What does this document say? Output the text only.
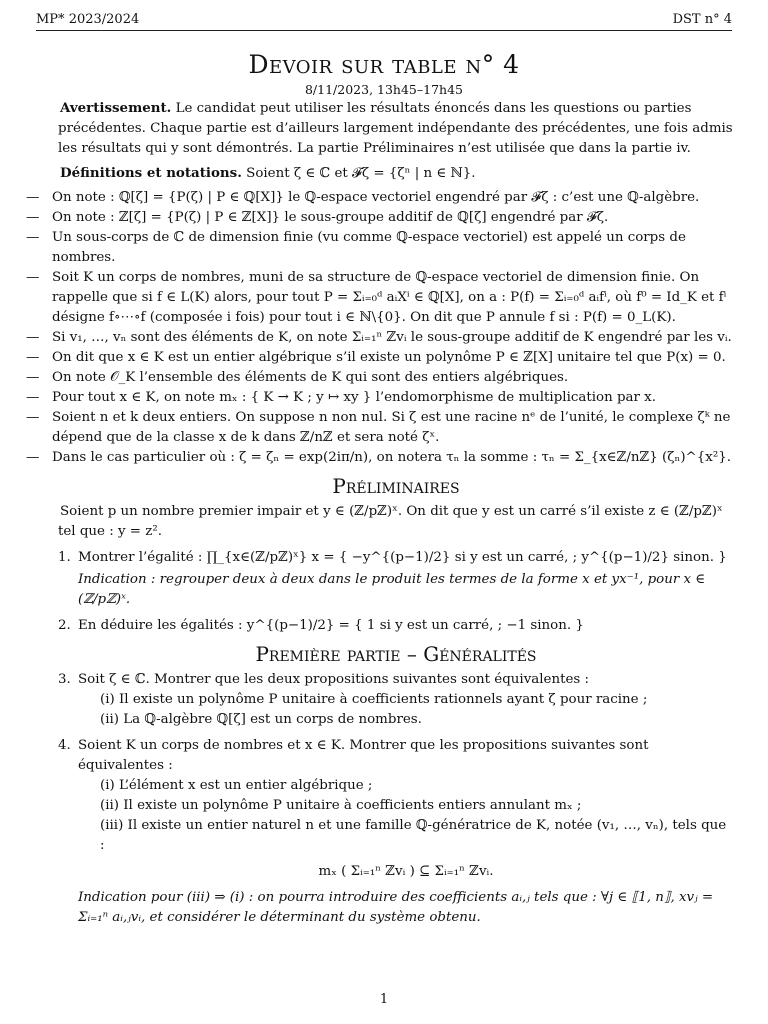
MP* 2023/2024	DST n° 4
Devoir sur table n° 4
8/11/2023, 13h45–17h45

Avertissement. Le candidat peut utiliser les résultats énoncés dans les questions ou parties précédentes. Chaque partie est d’ailleurs largement indépendante des précédentes, une fois admis les résultats qui y sont démontrés. La partie Préliminaires n’est utilisée que dans la partie iv.

Définitions et notations. Soient ζ ∈ ℂ et 𝓕ζ = {ζⁿ | n ∈ ℕ}.

— On note : ℚ[ζ] = {P(ζ) | P ∈ ℚ[X]} le ℚ-espace vectoriel engendré par 𝓕ζ : c’est une ℚ-algèbre.
— On note : ℤ[ζ] = {P(ζ) | P ∈ ℤ[X]} le sous-groupe additif de ℚ[ζ] engendré par 𝓕ζ.
— Un sous-corps de ℂ de dimension finie (vu comme ℚ-espace vectoriel) est appelé un corps de nombres.
— Soit K un corps de nombres, muni de sa structure de ℚ-espace vectoriel de dimension finie. On rappelle que si f ∈ L(K) alors, pour tout P = Σᵢ₌₀ᵈ aᵢXⁱ ∈ ℚ[X], on a : P(f) = Σᵢ₌₀ᵈ aᵢfⁱ, où f⁰ = Id_K et fⁱ désigne f∘⋯∘f (composée i fois) pour tout i ∈ ℕ\{0}. On dit que P annule f si : P(f) = 0_L(K).
— Si v₁, …, vₙ sont des éléments de K, on note Σᵢ₌₁ⁿ ℤvᵢ le sous-groupe additif de K engendré par les vᵢ.
— On dit que x ∈ K est un entier algébrique s’il existe un polynôme P ∈ ℤ[X] unitaire tel que P(x) = 0.
— On note 𝒪_K l’ensemble des éléments de K qui sont des entiers algébriques.
— Pour tout x ∈ K, on note mₓ : { K → K ; y ↦ xy } l’endomorphisme de multiplication par x.
— Soient n et k deux entiers. On suppose n non nul. Si ζ est une racine nᵉ de l’unité, le complexe ζᵏ ne dépend que de la classe x de k dans ℤ/nℤ et sera noté ζˣ.
— Dans le cas particulier où : ζ = ζₙ = exp(2iπ/n), on notera τₙ la somme : τₙ = Σ_{x∈ℤ/nℤ} (ζₙ)^{x²}.
Préliminaires

Soient p un nombre premier impair et y ∈ (ℤ/pℤ)ˣ. On dit que y est un carré s’il existe z ∈ (ℤ/pℤ)ˣ tel que : y = z².

1. Montrer l’égalité : ∏_{x∈(ℤ/pℤ)ˣ} x = { −y^{(p−1)/2} si y est un carré, ; y^{(p−1)/2} sinon. }
Indication : regrouper deux à deux dans le produit les termes de la forme x et yx⁻¹, pour x ∈ (ℤ/pℤ)ˣ.
2. En déduire les égalités : y^{(p−1)/2} = { 1 si y est un carré, ; −1 sinon. }
Première partie – Généralités
3. Soit ζ ∈ ℂ. Montrer que les deux propositions suivantes sont équivalentes :
(i) Il existe un polynôme P unitaire à coefficients rationnels ayant ζ pour racine ;
(ii) La ℚ-algèbre ℚ[ζ] est un corps de nombres.
4. Soient K un corps de nombres et x ∈ K. Montrer que les propositions suivantes sont équivalentes :
(i) L’élément x est un entier algébrique ;
(ii) Il existe un polynôme P unitaire à coefficients entiers annulant mₓ ;
(iii) Il existe un entier naturel n et une famille ℚ-génératrice de K, notée (v₁, …, vₙ), tels que :
mₓ ( Σᵢ₌₁ⁿ ℤvᵢ ) ⊆ Σᵢ₌₁ⁿ ℤvᵢ.
Indication pour (iii) ⇒ (i) : on pourra introduire des coefficients aᵢ,ⱼ tels que : ∀j ∈ ⟦1, n⟧, xvⱼ = Σᵢ₌₁ⁿ aᵢ,ⱼvᵢ, et considérer le déterminant du système obtenu.
1
